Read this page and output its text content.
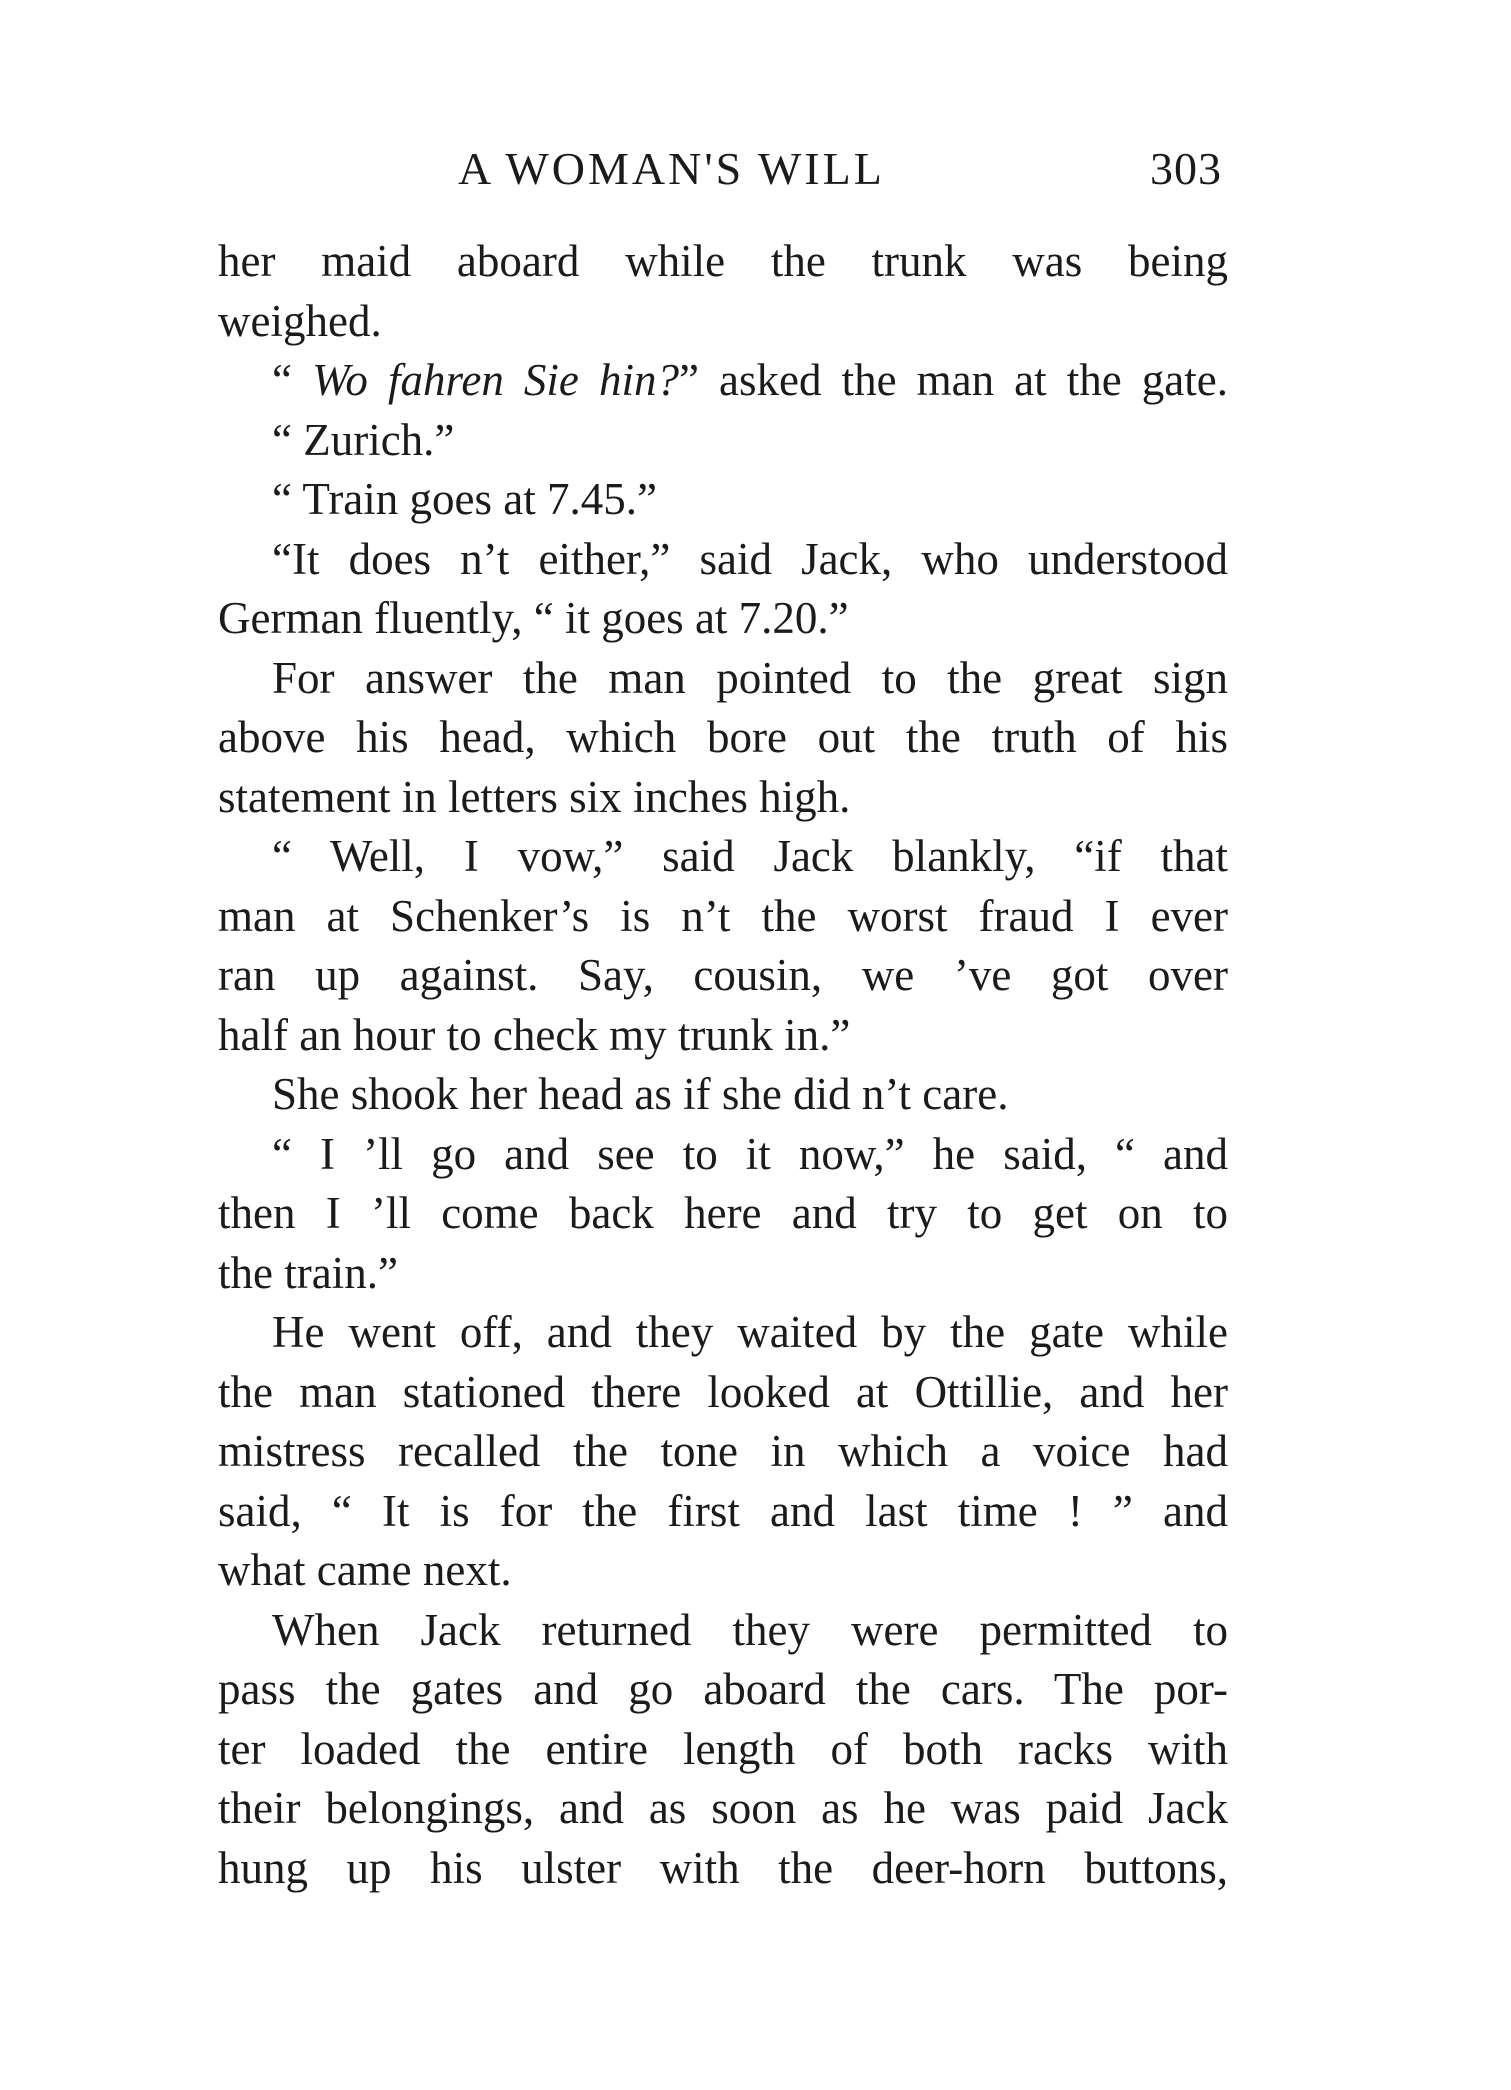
A WOMAN'S WILL	303
her maid aboard while the trunk was being
weighed.
“ Wo fahren Sie hin?” asked the man at the gate.
“ Zurich.”
“ Train goes at 7.45.”
“It does n’t either,” said Jack, who understood
German fluently, “ it goes at 7.20.”
For answer the man pointed to the great sign
above his head, which bore out the truth of his
statement in letters six inches high.
“ Well, I vow,” said Jack blankly, “if that
man at Schenker’s is n’t the worst fraud I ever
ran up against. Say, cousin, we ’ve got over
half an hour to check my trunk in.”
She shook her head as if she did n’t care.
“ I ’ll go and see to it now,” he said, “ and
then I ’ll come back here and try to get on to
the train.”
He went off, and they waited by the gate while
the man stationed there looked at Ottillie, and her
mistress recalled the tone in which a voice had
said, “ It is for the first and last time ! ” and
what came next.
When Jack returned they were permitted to
pass the gates and go aboard the cars. The por-
ter loaded the entire length of both racks with
their belongings, and as soon as he was paid Jack
hung up his ulster with the deer-horn buttons,
